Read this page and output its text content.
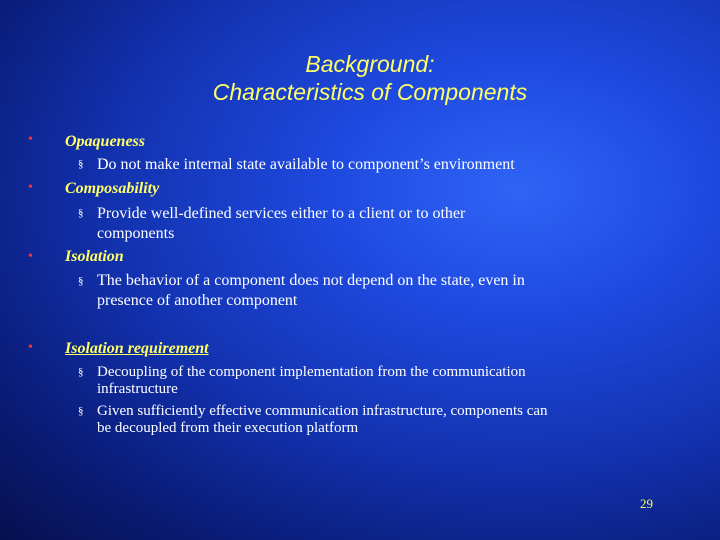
Background:
Characteristics of Components
• Opaqueness
§ Do not make internal state available to component’s environment
• Composability
§ Provide well-defined services either to a client or to other
components
• Isolation
§ The behavior of a component does not depend on the state, even in
presence of another component
• Isolation requirement
§ Decoupling of the component implementation from the communication
infrastructure
§ Given sufficiently effective communication infrastructure, components can
be decoupled from their execution platform
29
